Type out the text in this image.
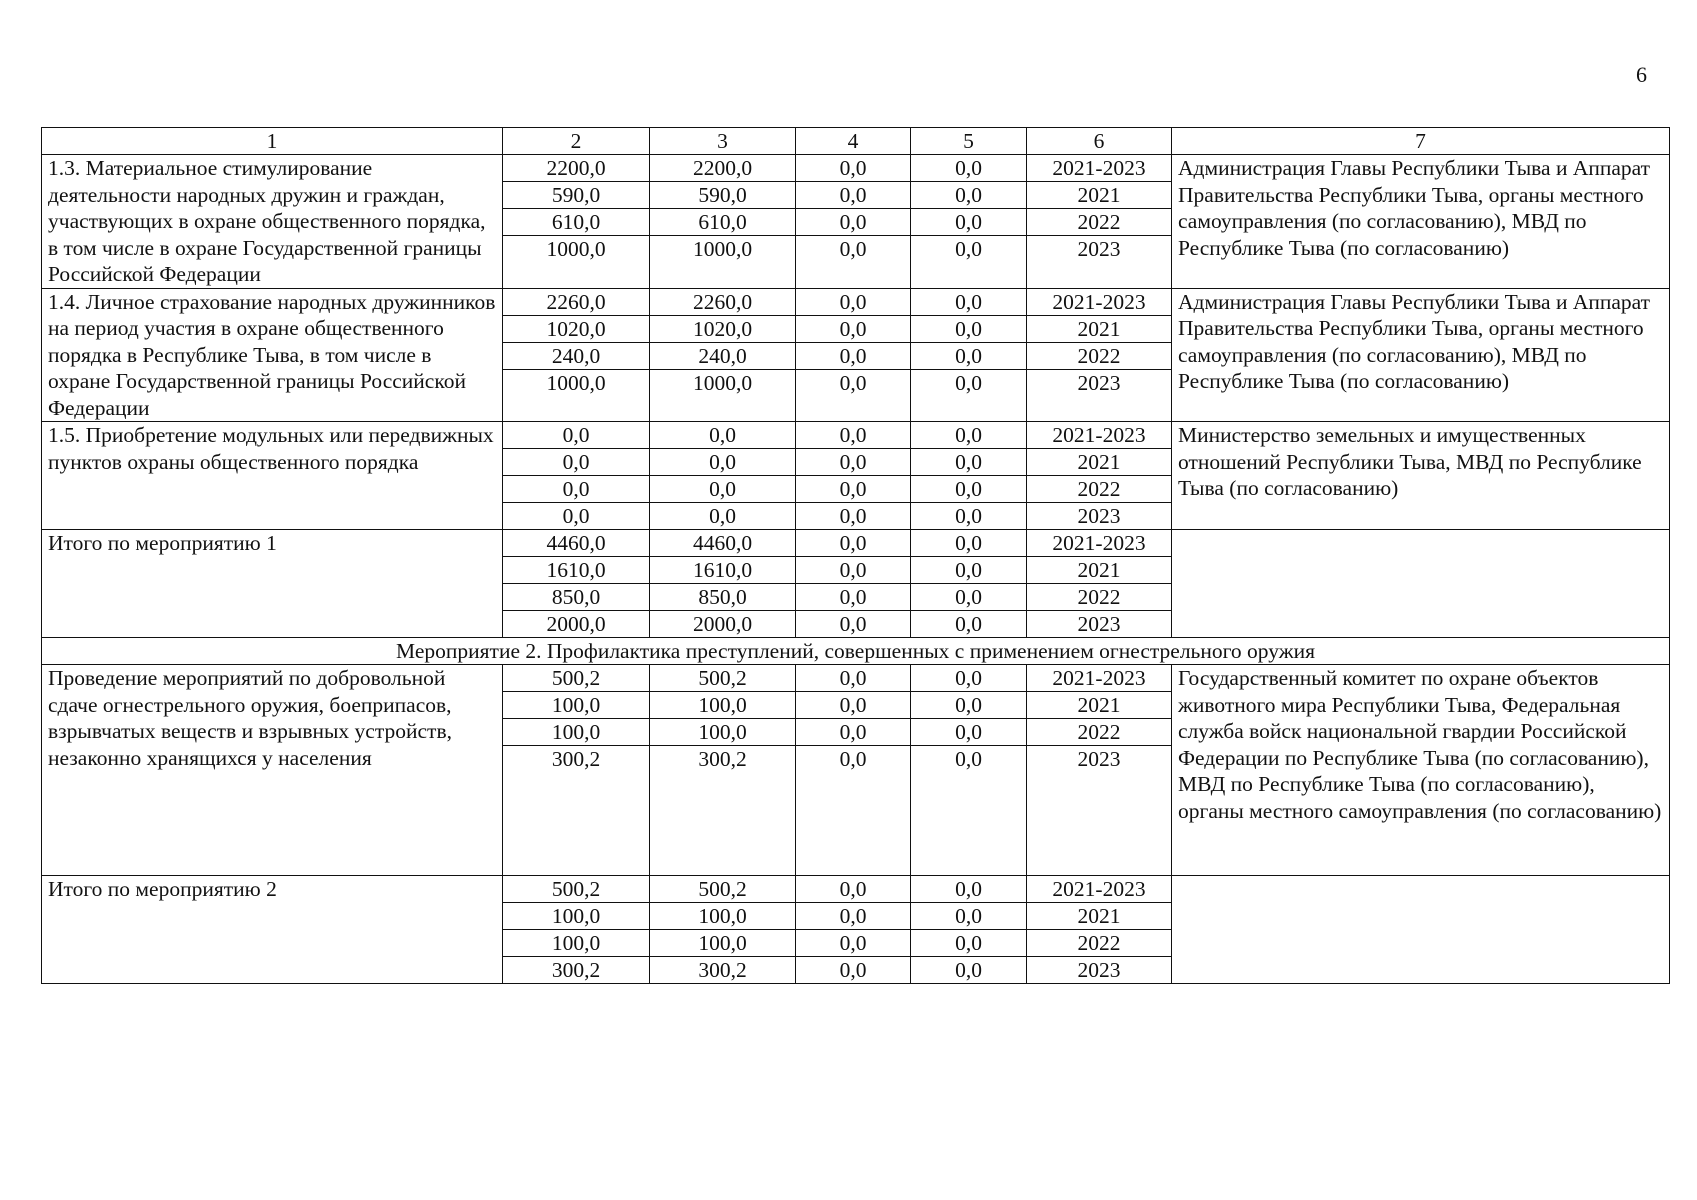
6
1	2	3	4	5	6	7
1.3. Материальное стимулирование деятельности народных дружин и граждан, участвующих в охране общественного порядка, в том числе в охране Государственной границы Российской Федерации	2200,0	2200,0	0,0	0,0	2021-2023	Администрация Главы Республики Тыва и Аппарат Правительства Республики Тыва, органы местного самоуправления (по согласованию), МВД по Республике Тыва (по согласованию)
	590,0	590,0	0,0	0,0	2021	
	610,0	610,0	0,0	0,0	2022	
	1000,0	1000,0	0,0	0,0	2023	
1.4. Личное страхование народных дружинников на период участия в охране общественного порядка в Республике Тыва, в том числе в охране Государственной границы Российской Федерации	2260,0	2260,0	0,0	0,0	2021-2023	Администрация Главы Республики Тыва и Аппарат Правительства Республики Тыва, органы местного самоуправления (по согласованию), МВД по Республике Тыва (по согласованию)
	1020,0	1020,0	0,0	0,0	2021	
	240,0	240,0	0,0	0,0	2022	
	1000,0	1000,0	0,0	0,0	2023	
1.5. Приобретение модульных или передвижных пунктов охраны общественного порядка	0,0	0,0	0,0	0,0	2021-2023	Министерство земельных и имущественных отношений Республики Тыва, МВД по Республике Тыва (по согласованию)
	0,0	0,0	0,0	0,0	2021	
	0,0	0,0	0,0	0,0	2022	
	0,0	0,0	0,0	0,0	2023	
Итого по мероприятию 1	4460,0	4460,0	0,0	0,0	2021-2023	
	1610,0	1610,0	0,0	0,0	2021	
	850,0	850,0	0,0	0,0	2022	
	2000,0	2000,0	0,0	0,0	2023	
Мероприятие 2. Профилактика преступлений, совершенных с применением огнестрельного оружия						
Проведение мероприятий по добровольной сдаче огнестрельного оружия, боеприпасов, взрывчатых веществ и взрывных устройств, незаконно хранящихся у населения	500,2	500,2	0,0	0,0	2021-2023	Государственный комитет по охране объектов животного мира Республики Тыва, Федеральная служба войск национальной гвардии Российской Федерации по Республике Тыва (по согласованию), МВД по Республике Тыва (по согласованию), органы местного самоуправления (по согласованию)
	100,0	100,0	0,0	0,0	2021	
	100,0	100,0	0,0	0,0	2022	
	300,2	300,2	0,0	0,0	2023	
Итого по мероприятию 2	500,2	500,2	0,0	0,0	2021-2023	
	100,0	100,0	0,0	0,0	2021	
	100,0	100,0	0,0	0,0	2022	
	300,2	300,2	0,0	0,0	2023	
